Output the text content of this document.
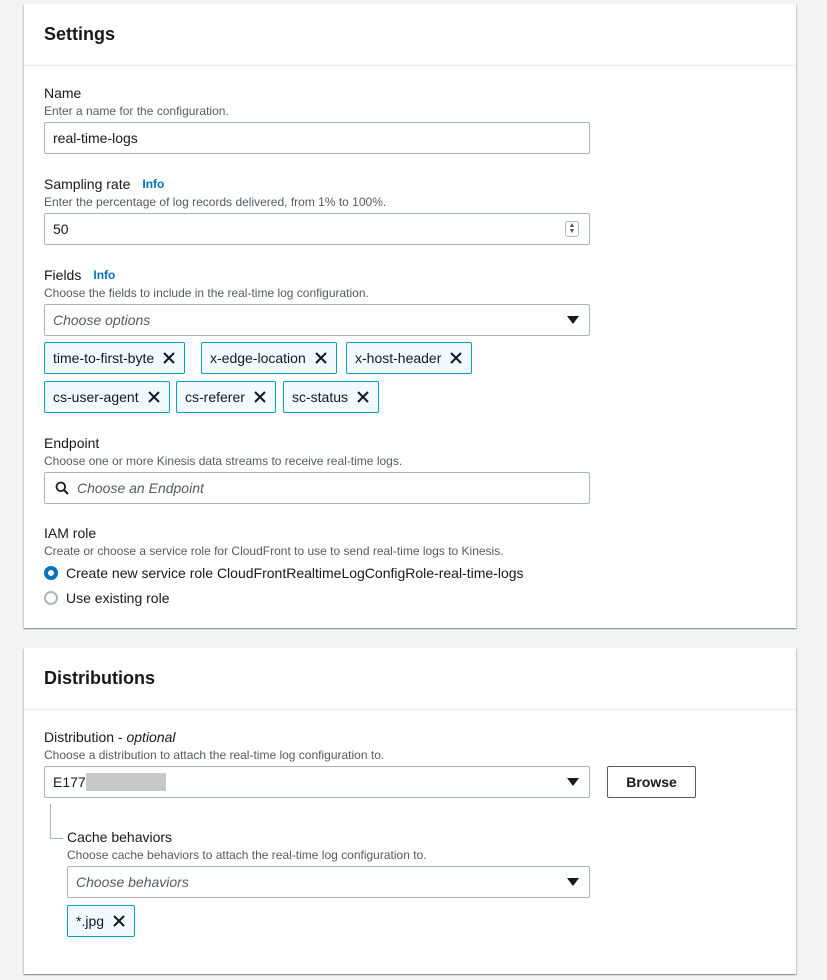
Settings
Name
Enter a name for the configuration.
real-time-logs
Sampling rate Info
Enter the percentage of log records delivered, from 1% to 100%.
50	▲
▼
Fields Info
Choose the fields to include in the real-time log configuration.
Choose options
time-to-first-byte	x-edge-location	x-host-header
cs-user-agent	cs-referer	sc-status
Endpoint
Choose one or more Kinesis data streams to receive real-time logs.
Choose an Endpoint
IAM role
Create or choose a service role for CloudFront to use to send real-time logs to Kinesis.
Create new service role CloudFrontRealtimeLogConfigRole-real-time-logs
Use existing role
Distributions
Distribution - optional
Choose a distribution to attach the real-time log configuration to.
E177	Browse
Cache behaviors
Choose cache behaviors to attach the real-time log configuration to.
Choose behaviors
*.jpg
